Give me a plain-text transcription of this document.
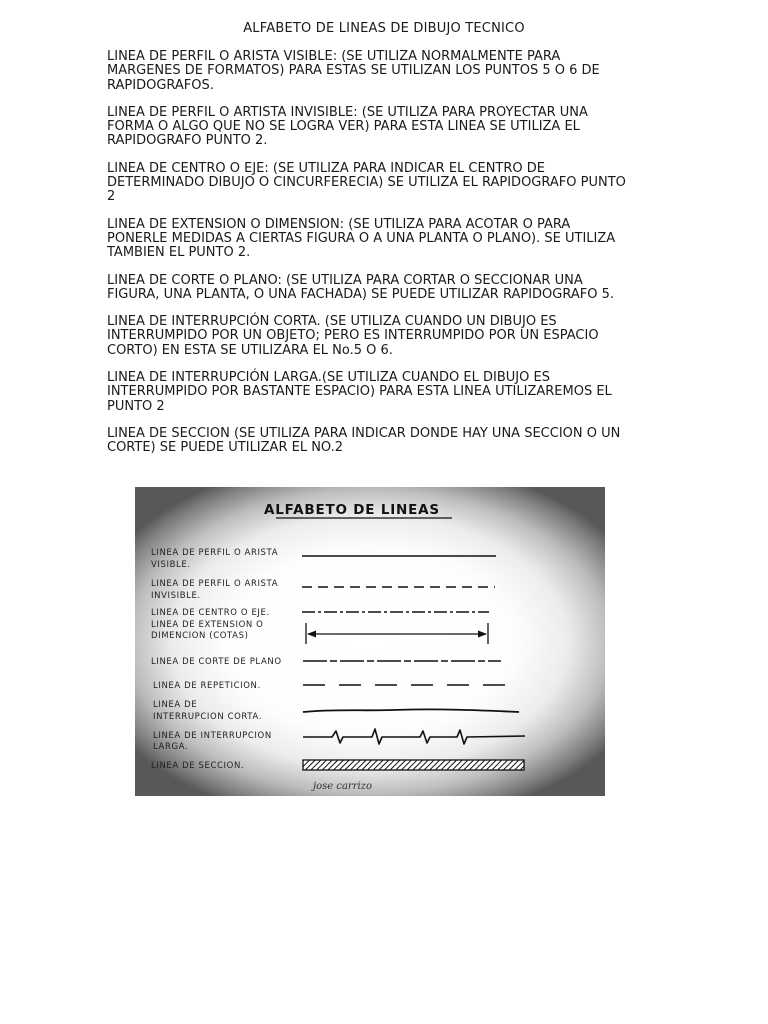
ALFABETO DE LINEAS DE DIBUJO TECNICO

LINEA DE PERFIL O ARISTA VISIBLE: (SE UTILIZA NORMALMENTE PARA
MARGENES DE FORMATOS) PARA ESTAS SE UTILIZAN LOS PUNTOS 5 O 6 DE
RAPIDOGRAFOS.

LINEA DE PERFIL O ARTISTA INVISIBLE: (SE UTILIZA PARA PROYECTAR UNA
FORMA O ALGO QUE NO SE LOGRA VER) PARA ESTA LINEA SE UTILIZA EL
RAPIDOGRAFO PUNTO 2.

LINEA DE CENTRO O EJE: (SE UTILIZA PARA INDICAR EL CENTRO DE
DETERMINADO DIBUJO O CINCURFERECIA) SE UTILIZA EL RAPIDOGRAFO PUNTO
2

LINEA DE EXTENSION O DIMENSION: (SE UTILIZA PARA ACOTAR O PARA
PONERLE MEDIDAS A CIERTAS FIGURA O A UNA PLANTA O PLANO). SE UTILIZA
TAMBIEN EL PUNTO 2.

LINEA DE CORTE O PLANO: (SE UTILIZA PARA CORTAR O SECCIONAR UNA
FIGURA, UNA PLANTA, O UNA FACHADA) SE PUEDE UTILIZAR RAPIDOGRAFO 5.

LINEA DE INTERRUPCIÓN CORTA. (SE UTILIZA CUANDO UN DIBUJO ES
INTERRUMPIDO POR UN OBJETO; PERO ES INTERRUMPIDO POR UN ESPACIO
CORTO) EN ESTA SE UTILIZARA EL No.5 O 6.

LINEA DE INTERRUPCIÓN LARGA.(SE UTILIZA CUANDO EL DIBUJO ES
INTERRUMPIDO POR BASTANTE ESPACIO) PARA ESTA LINEA UTILIZAREMOS EL
PUNTO 2

LINEA DE SECCION (SE UTILIZA PARA INDICAR DONDE HAY UNA SECCION O UN
CORTE) SE PUEDE UTILIZAR EL NO.2

ALFABETO DE LINEAS
LINEA DE PERFIL O ARISTA
VISIBLE.
LINEA DE PERFIL O ARISTA
INVISIBLE.
LINEA DE CENTRO O EJE.
LINEA DE EXTENSION O
DIMENCION (COTAS)
LINEA DE CORTE DE PLANO
LINEA DE REPETICION.
LINEA DE
INTERRUPCION CORTA.
LINEA DE INTERRUPCION
LARGA.
LINEA DE SECCION.
jose carrizo
